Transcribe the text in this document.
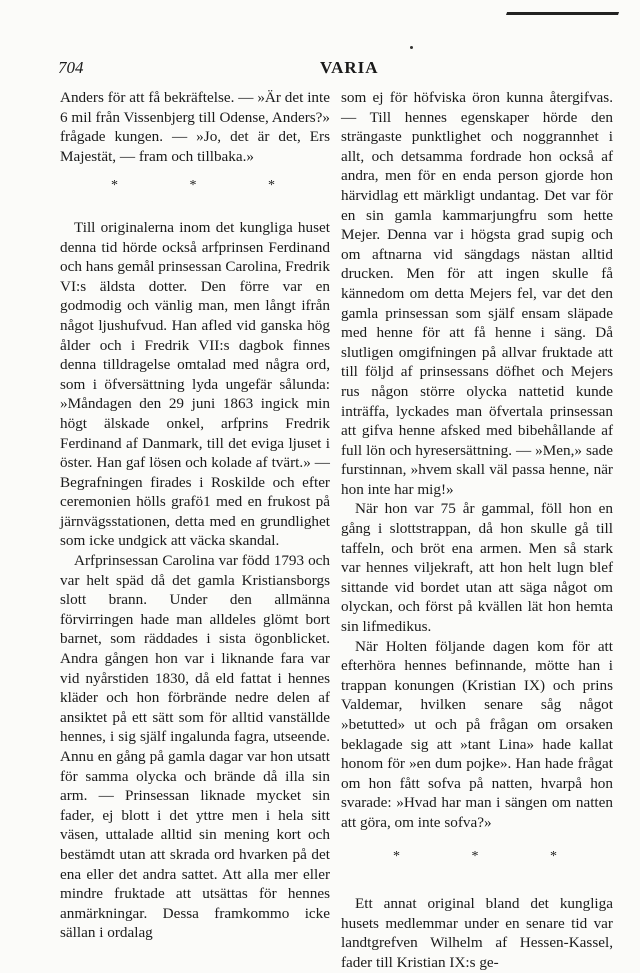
704	VARIA

Anders för att få bekräftelse. — »Är det inte 6 mil från Vissenbjerg till Odense, Anders?» frågade kungen. — »Jo, det är det, Ers Majestät, — fram och tillbaka.»

* * *

Till originalerna inom det kungliga huset denna tid hörde också arfprinsen Ferdinand och hans gemål prinsessan Carolina, Fredrik VI:s äldsta dotter. Den förre var en godmodig och vänlig man, men långt ifrån något ljushufvud. Han afled vid ganska hög ålder och i Fredrik VII:s dagbok finnes denna tilldragelse omtalad med några ord, som i öfversättning lyda ungefär sålunda: »Måndagen den 29 juni 1863 ingick min högt älskade onkel, arfprins Fredrik Ferdinand af Danmark, till det eviga ljuset i öster. Han gaf lösen och kolade af tvärt.» — Begrafningen firades i Roskilde och efter ceremonien hölls grafö1 med en frukost på järnvägsstationen, detta med en grundlighet som icke undgick att väcka skandal.

Arfprinsessan Carolina var född 1793 och var helt späd då det gamla Kristiansborgs slott brann. Under den allmänna förvirringen hade man alldeles glömt bort barnet, som räddades i sista ögonblicket. Andra gången hon var i liknande fara var vid nyårstiden 1830, då eld fattat i hennes kläder och hon förbrände nedre delen af ansiktet på ett sätt som för alltid vanställde hennes, i sig själf ingalunda fagra, utseende. Annu en gång på gamla dagar var hon utsatt för samma olycka och brände då illa sin arm. — Prinsessan liknade mycket sin fader, ej blott i det yttre men i hela sitt väsen, uttalade alltid sin mening kort och bestämdt utan att skrada ord hvarken på det ena eller det andra sattet. Att alla mer eller mindre fruktade att utsättas för hennes anmärkningar. Dessa framkommo icke sällan i ordalag

som ej för höfviska öron kunna återgifvas. — Till hennes egenskaper hörde den strängaste punktlighet och noggrannhet i allt, och detsamma fordrade hon också af andra, men för en enda person gjorde hon härvidlag ett märkligt undantag. Det var för en sin gamla kammarjungfru som hette Mejer. Denna var i högsta grad supig och om aftnarna vid sängdags nästan alltid drucken. Men för att ingen skulle få kännedom om detta Mejers fel, var det den gamla prinsessan som själf ensam släpade med henne för att få henne i säng. Då slutligen omgifningen på allvar fruktade att till följd af prinsessans döfhet och Mejers rus någon större olycka nattetid kunde inträffa, lyckades man öfvertala prinsessan att gifva henne afsked med bibehållande af full lön och hyresersättning. — »Men,» sade furstinnan, »hvem skall väl passa henne, när hon inte har mig!»

När hon var 75 år gammal, föll hon en gång i slottstrappan, då hon skulle gå till taffeln, och bröt ena armen. Men så stark var hennes viljekraft, att hon helt lugn blef sittande vid bordet utan att säga något om olyckan, och först på kvällen lät hon hemta sin lifmedikus.

När Holten följande dagen kom för att efterhöra hennes befinnande, mötte han i trappan konungen (Kristian IX) och prins Valdemar, hvilken senare såg något »betutted» ut och på frågan om orsaken beklagade sig att »tant Lina» hade kallat honom för »en dum pojke». Han hade frågat om hon fått sofva på natten, hvarpå hon svarade: »Hvad har man i sängen om natten att göra, om inte sofva?»

* * *

Ett annat original bland det kungliga husets medlemmar under en senare tid var landtgrefven Wilhelm af Hessen-Kassel, fader till Kristian IX:s ge-
